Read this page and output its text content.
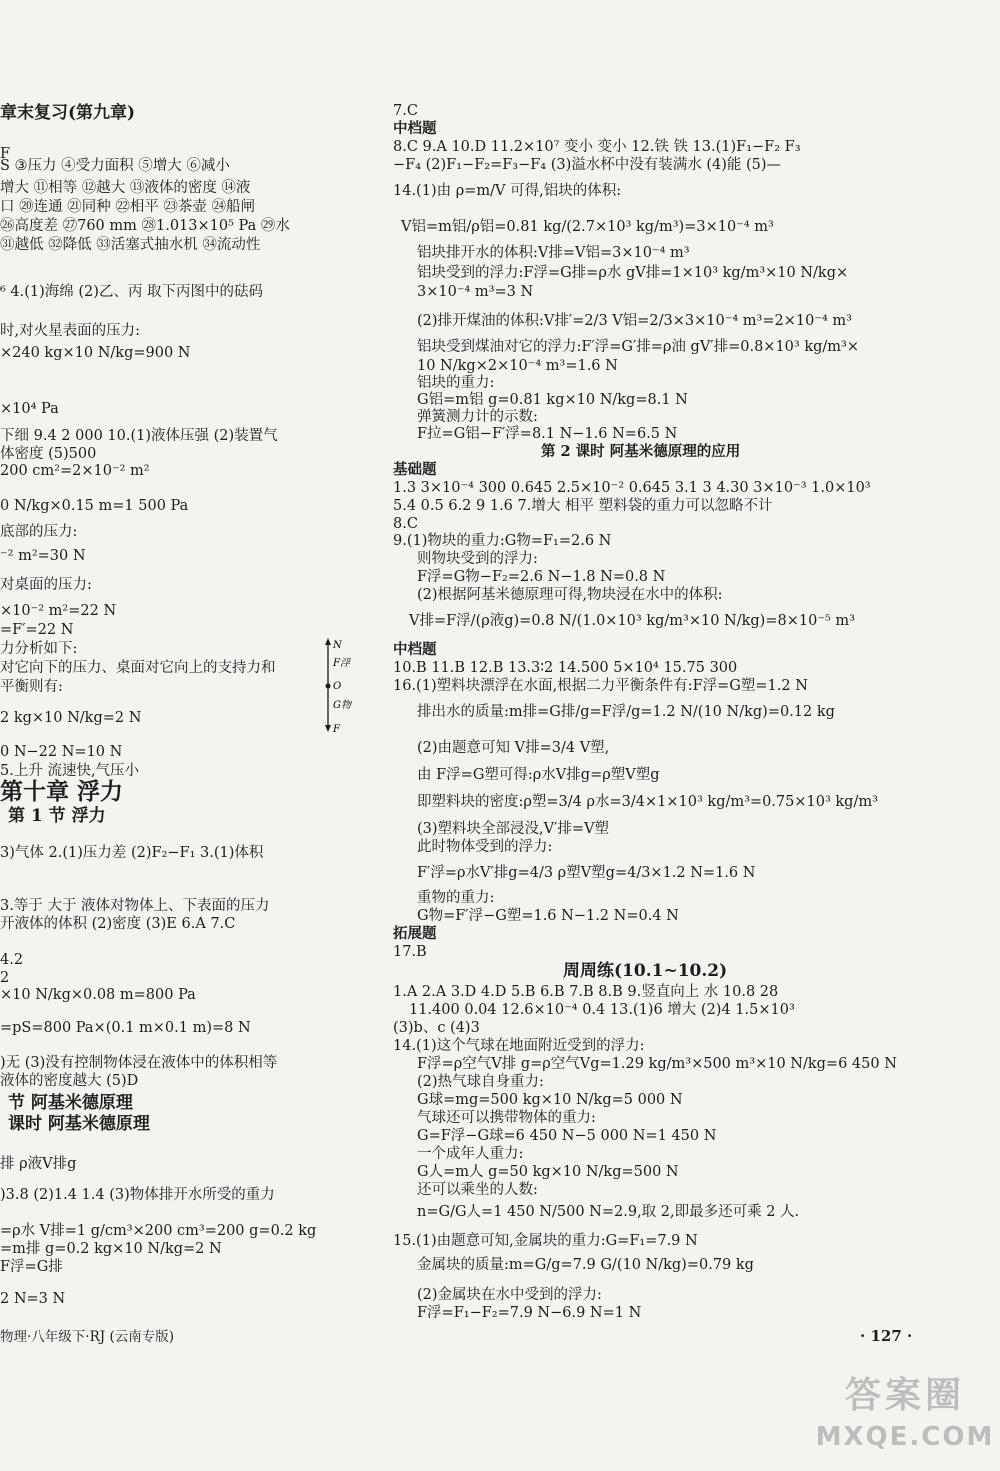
章末复习(第九章)
F
S ③压力 ④受力面积 ⑤增大 ⑥减小
增大 ⑪相等 ⑫越大 ⑬液体的密度 ⑭液
口 ⑳连通 ㉑同种 ㉒相平 ㉓茶壶 ㉔船闸
㉖高度差 ㉗760 mm ㉘1.013×10⁵ Pa ㉙水
㉛越低 ㉜降低 ㉝活塞式抽水机 ㉞流动性
⁶ 4.(1)海绵 (2)乙、丙 取下丙图中的砝码
时,对火星表面的压力:
×240 kg×10 N/kg=900 N
×10⁴ Pa
下细 9.4 2 000 10.(1)液体压强 (2)装置气
体密度 (5)500
200 cm²=2×10⁻² m²
0 N/kg×0.15 m=1 500 Pa
底部的压力:
⁻² m²=30 N
对桌面的压力:
×10⁻² m²=22 N
=F′=22 N
力分析如下:
对它向下的压力、桌面对它向上的支持力和
平衡则有:
2 kg×10 N/kg=2 N
0 N−22 N=10 N
5.上升 流速快,气压小
第十章 浮力
第 1 节 浮力
3)气体 2.(1)压力差 (2)F₂−F₁ 3.(1)体积
3.等于 大于 液体对物体上、下表面的压力
开液体的体积 (2)密度 (3)E 6.A 7.C
4.2
2
×10 N/kg×0.08 m=800 Pa
=pS=800 Pa×(0.1 m×0.1 m)=8 N
)无 (3)没有控制物体浸在液体中的体积相等
液体的密度越大 (5)D
节 阿基米德原理
课时 阿基米德原理
排 ρ液V排g
)3.8 (2)1.4 1.4 (3)物体排开水所受的重力
=ρ水 V排=1 g/cm³×200 cm³=200 g=0.2 kg
=m排 g=0.2 kg×10 N/kg=2 N
F浮=G排
2 N=3 N
7.C
中档题
8.C 9.A 10.D 11.2×10⁷ 变小 变小 12.铁 铁 13.(1)F₁−F₂ F₃
−F₄ (2)F₁−F₂=F₃−F₄ (3)溢水杯中没有装满水 (4)能 (5)—
14.(1)由 ρ=m/V 可得,铝块的体积:
V铝=m铝/ρ铝=0.81 kg/(2.7×10³ kg/m³)=3×10⁻⁴ m³
铝块排开水的体积:V排=V铝=3×10⁻⁴ m³
铝块受到的浮力:F浮=G排=ρ水 gV排=1×10³ kg/m³×10 N/kg×
3×10⁻⁴ m³=3 N
(2)排开煤油的体积:V排′=2/3 V铝=2/3×3×10⁻⁴ m³=2×10⁻⁴ m³
铝块受到煤油对它的浮力:F′浮=G′排=ρ油 gV′排=0.8×10³ kg/m³×
10 N/kg×2×10⁻⁴ m³=1.6 N
铝块的重力:
G铝=m铝 g=0.81 kg×10 N/kg=8.1 N
弹簧测力计的示数:
F拉=G铝−F′浮=8.1 N−1.6 N=6.5 N
第 2 课时 阿基米德原理的应用
基础题
1.3 3×10⁻⁴ 300 0.645 2.5×10⁻² 0.645 3.1 3 4.30 3×10⁻³ 1.0×10³
5.4 0.5 6.2 9 1.6 7.增大 相平 塑料袋的重力可以忽略不计
8.C
9.(1)物块的重力:G物=F₁=2.6 N
则物块受到的浮力:
F浮=G物−F₂=2.6 N−1.8 N=0.8 N
(2)根据阿基米德原理可得,物块浸在水中的体积:
V排=F浮/(ρ液g)=0.8 N/(1.0×10³ kg/m³×10 N/kg)=8×10⁻⁵ m³
中档题
10.B 11.B 12.B 13.3∶2 14.500 5×10⁴ 15.75 300
16.(1)塑料块漂浮在水面,根据二力平衡条件有:F浮=G塑=1.2 N
排出水的质量:m排=G排/g=F浮/g=1.2 N/(10 N/kg)=0.12 kg
(2)由题意可知 V排=3/4 V塑,
由 F浮=G塑可得:ρ水V排g=ρ塑V塑g
即塑料块的密度:ρ塑=3/4 ρ水=3/4×1×10³ kg/m³=0.75×10³ kg/m³
(3)塑料块全部浸没,V′排=V塑
此时物体受到的浮力:
F′浮=ρ水V′排g=4/3 ρ塑V塑g=4/3×1.2 N=1.6 N
重物的重力:
G物=F′浮−G塑=1.6 N−1.2 N=0.4 N
拓展题
17.B
周周练(10.1~10.2)
1.A 2.A 3.D 4.D 5.B 6.B 7.B 8.B 9.竖直向上 水 10.8 28
11.400 0.04 12.6×10⁻⁴ 0.4 13.(1)6 增大 (2)4 1.5×10³
(3)b、c (4)3
14.(1)这个气球在地面附近受到的浮力:
F浮=ρ空气V排 g=ρ空气Vg=1.29 kg/m³×500 m³×10 N/kg=6 450 N
(2)热气球自身重力:
G球=mg=500 kg×10 N/kg=5 000 N
气球还可以携带物体的重力:
G=F浮−G球=6 450 N−5 000 N=1 450 N
一个成年人重力:
G人=m人 g=50 kg×10 N/kg=500 N
还可以乘坐的人数:
n=G/G人=1 450 N/500 N=2.9,取 2,即最多还可乘 2 人.
15.(1)由题意可知,金属块的重力:G=F₁=7.9 N
金属块的质量:m=G/g=7.9 G/(10 N/kg)=0.79 kg
(2)金属块在水中受到的浮力:
F浮=F₁−F₂=7.9 N−6.9 N=1 N
N
F浮
O
G物
F
物理·八年级下·RJ (云南专版)	· 127 ·
答案圈
MXQE.COM
